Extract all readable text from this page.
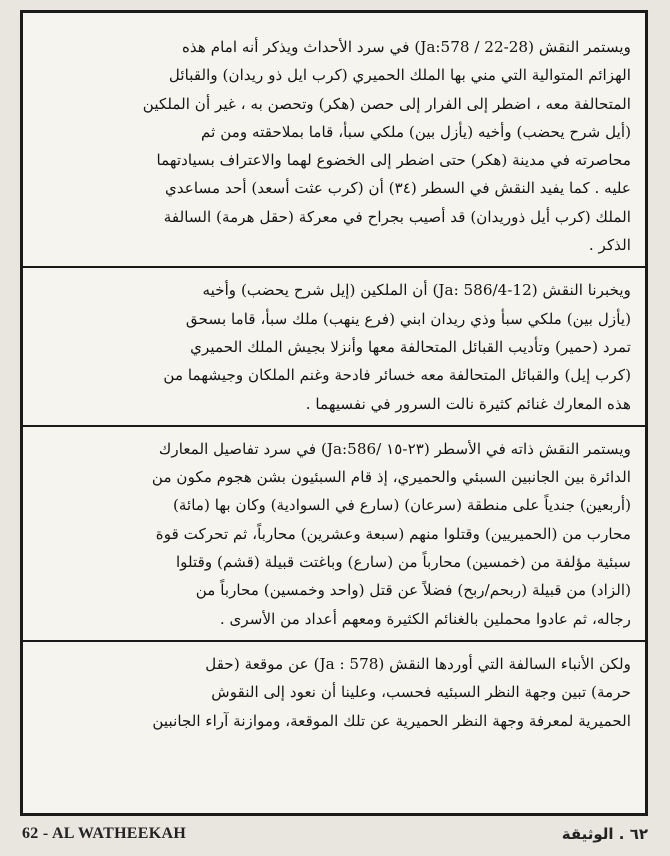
ويستمر النقش (Ja:578 / 22-28) في سرد الأحداث ويذكر أنه امام هذه
الهزائم المتوالية التي مني بها الملك الحميري (كرب ايل ذو ريدان) والقبائل
المتحالفة معه ، اضطر إلى الفرار إلى حصن (هكر) وتحصن به ، غير أن الملكين
(أيل شرح يحضب) وأخيه (يأزل بين) ملكي سبأ، قاما بملاحقته ومن ثم
محاصرته في مدينة (هكر) حتى اضطر إلى الخضوع لهما والاعتراف بسيادتهما
عليه . كما يفيد النقش في السطر (٣٤) أن (كرب عثت أسعد) أحد مساعدي
الملك (كرب أيل ذوريدان) قد أصيب بجراح في معركة (حقل هرمة) السالفة
الذكر .

ويخبرنا النقش (Ja: 586/4-12) أن الملكين (إيل شرح يحضب) وأخيه
(يأزل بين) ملكي سبأ وذي ريدان ابني (فرع ينهب) ملك سبأ، قاما بسحق
تمرد (حمير) وتأديب القبائل المتحالفة معها وأنزلا بجيش الملك الحميري
(كرب إيل) والقبائل المتحالفة معه خسائر فادحة وغنم الملكان وجيشهما من
هذه المعارك غنائم كثيرة نالت السرور في نفسيهما .

ويستمر النقش ذاته في الأسطر (٢٣-١٥ /Ja:586) في سرد تفاصيل المعارك
الدائرة بين الجانبين السبئي والحميري، إذ قام السبئيون بشن هجوم مكون من
(أربعين) جندياً على منطقة (سرعان) (سارع في السوادية) وكان بها (مائة)
محارب من (الحميريين) وقتلوا منهم (سبعة وعشرين) محارباً، ثم تحركت قوة
سبئية مؤلفة من (خمسين) محارباً من (سارع) وباغتت قبيلة (قشم) وقتلوا
(الزاد) من قبيلة (ربحم/ربح) فضلاً عن قتل (واحد وخمسين) محارباً من
رجاله، ثم عادوا محملين بالغنائم الكثيرة ومعهم أعداد من الأسرى .

ولكن الأنباء السالفة التي أوردها النقش (Ja : 578) عن موقعة (حقل
حرمة) تبين وجهة النظر السبئيه فحسب، وعلينا أن نعود إلى النقوش
الحميرية لمعرفة وجهة النظر الحميرية عن تلك الموقعة، وموازنة آراء الجانبين

62 - AL WATHEEKAH	٦٢ . الوثيقة
